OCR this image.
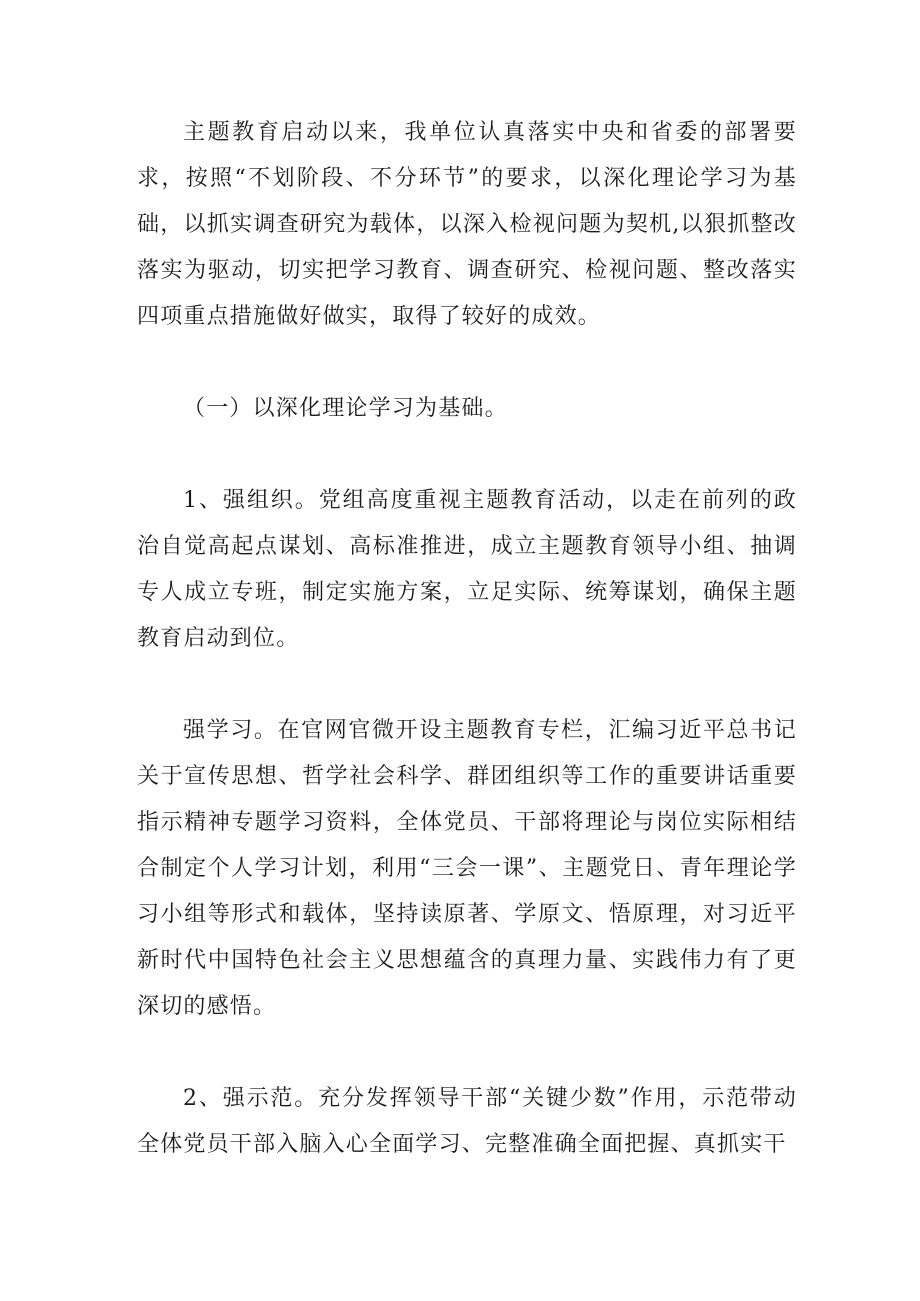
主题教育启动以来，我单位认真落实中央和省委的部署要求，按照“不划阶段、不分环节”的要求，以深化理论学习为基础，以抓实调查研究为载体，以深入检视问题为契机,以狠抓整改落实为驱动，切实把学习教育、调查研究、检视问题、整改落实四项重点措施做好做实，取得了较好的成效。

（一）以深化理论学习为基础。

1、强组织。党组高度重视主题教育活动，以走在前列的政治自觉高起点谋划、高标准推进，成立主题教育领导小组、抽调专人成立专班，制定实施方案，立足实际、统筹谋划，确保主题教育启动到位。

强学习。在官网官微开设主题教育专栏，汇编习近平总书记关于宣传思想、哲学社会科学、群团组织等工作的重要讲话重要指示精神专题学习资料，全体党员、干部将理论与岗位实际相结合制定个人学习计划，利用“三会一课”、主题党日、青年理论学习小组等形式和载体，坚持读原著、学原文、悟原理，对习近平新时代中国特色社会主义思想蕴含的真理力量、实践伟力有了更深切的感悟。

2、强示范。充分发挥领导干部“关键少数”作用，示范带动全体党员干部入脑入心全面学习、完整准确全面把握、真抓实干
